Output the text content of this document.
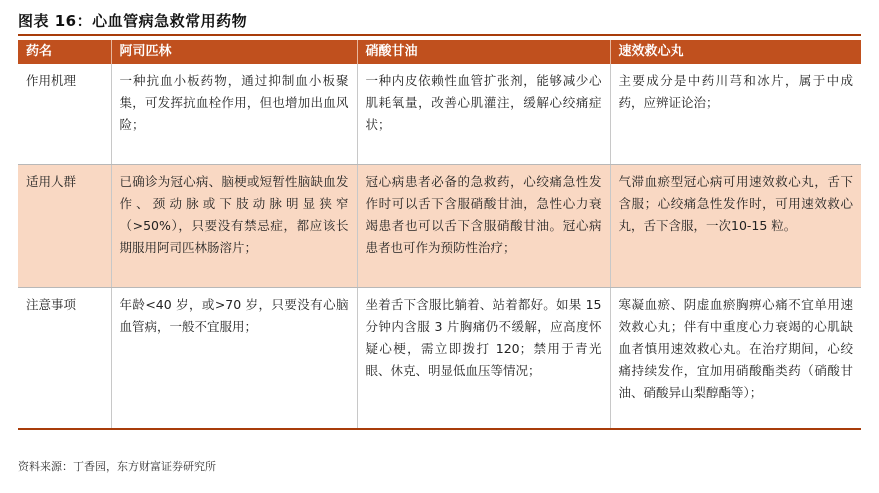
图表 16：心血管病急救常用药物
药名	阿司匹林	硝酸甘油	速效救心丸
作用机理	一种抗血小板药物，通过抑制血小板聚集，可发挥抗血栓作用，但也增加出血风险；	一种内皮依赖性血管扩张剂，能够减少心肌耗氧量，改善心肌灌注，缓解心绞痛症状；	主要成分是中药川芎和冰片，属于中成药，应辨证论治；
适用人群	已确诊为冠心病、脑梗或短暂性脑缺血发作、颈动脉或下肢动脉明显狭窄（>50%），只要没有禁忌症，都应该长期服用阿司匹林肠溶片；	冠心病患者必备的急救药，心绞痛急性发作时可以舌下含服硝酸甘油，急性心力衰竭患者也可以舌下含服硝酸甘油。冠心病患者也可作为预防性治疗；	气滞血瘀型冠心病可用速效救心丸，舌下含服；心绞痛急性发作时，可用速效救心丸，舌下含服，一次10-15 粒。
注意事项	年龄<40 岁，或>70 岁，只要没有心脑血管病，一般不宜服用；	坐着舌下含服比躺着、站着都好。如果 15 分钟内含服 3 片胸痛仍不缓解，应高度怀疑心梗，需立即拨打 120；禁用于青光眼、休克、明显低血压等情况；	寒凝血瘀、阴虚血瘀胸痹心痛不宜单用速效救心丸；伴有中重度心力衰竭的心肌缺血者慎用速效救心丸。在治疗期间，心绞痛持续发作，宜加用硝酸酯类药（硝酸甘油、硝酸异山梨醇酯等）；
资料来源：丁香园，东方财富证券研究所
